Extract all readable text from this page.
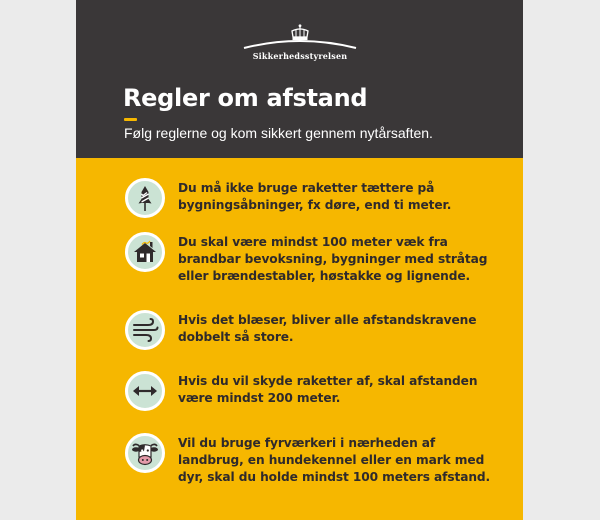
Sikkerhedsstyrelsen
Regler om afstand
Følg reglerne og kom sikkert gennem nytårsaften.
Du må ikke bruge raketter tættere på bygningsåbninger, fx døre, end ti meter.
Du skal være mindst 100 meter væk fra brandbar bevoksning, bygninger med stråtag eller brændestabler, høstakke og lignende.
Hvis det blæser, bliver alle afstandskravene dobbelt så store.
Hvis du vil skyde raketter af, skal afstanden være mindst 200 meter.
Vil du bruge fyrværkeri i nærheden af landbrug, en hundekennel eller en mark med dyr, skal du holde mindst 100 meters afstand.
